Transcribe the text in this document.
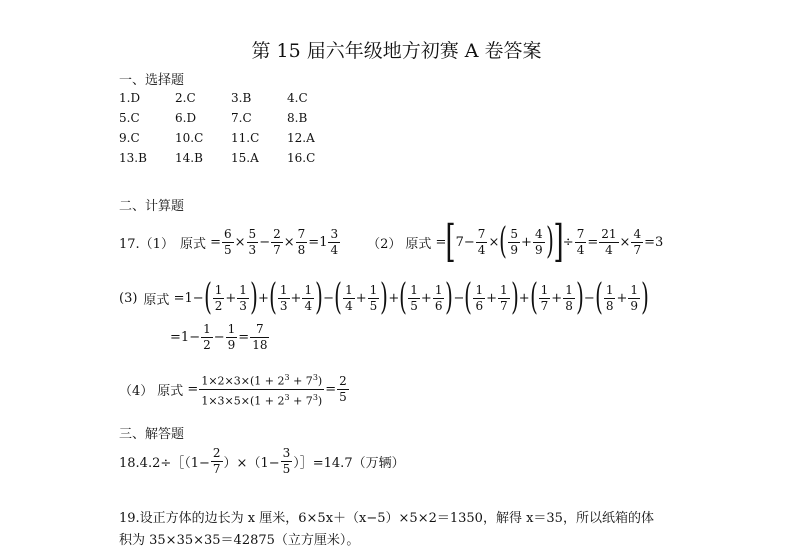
第 15 届六年级地方初赛 A 卷答案
一、选择题
1.D	2.C	3.B	4.C
5.C	6.D	7.C	8.B
9.C	10.C	11.C	12.A
13.B	14.B	15.A	16.C
二、计算题
17.（1） 原式 = $\frac{6}{5} \times \frac{5}{3} - \frac{2}{7} \times \frac{7}{8} = 1 \frac{3}{4} (2)$ 原式 = [ $7 - \frac{7}{4}$ × ( $\frac{5}{9} + \frac{4}{9}$ ) ] ÷ $\frac{7}{4} = \frac{21}{4} \times \frac{4}{7} = 3$
(3) 原式 = 1 − ( $\frac{1}{2} + \frac{1}{3}$ ) + ( $\frac{1}{3} + \frac{1}{4}$ ) − ( $\frac{1}{4} + \frac{1}{5}$ ) + ( $\frac{1}{5} + \frac{1}{6}$ ) − ( $\frac{1}{6} + \frac{1}{7}$ ) + ( $\frac{1}{7} + \frac{1}{8}$ ) − ( $\frac{1}{8} + \frac{1}{9}$ )
= $1 - \frac{1}{2} - \frac{1}{9} = \frac{7}{18}$
（4） 原式 = $\frac{1\times 2\times 3\times(1 + 2^3 + 7^3)}{1\times 3\times 5\times(1 + 2^3 + 7^3)} = \frac{2}{5}$
三、解答题
18.4.2÷［（1− $\frac{2}{7} )\times(1- \frac{3}{5}$ ）］=14.7（万辆）
19.设正方体的边长为 x 厘米，6×5x＋（x−5）×5×2＝1350，解得 x＝35，所以纸箱的体
积为 35×35×35＝42875（立方厘米）。
